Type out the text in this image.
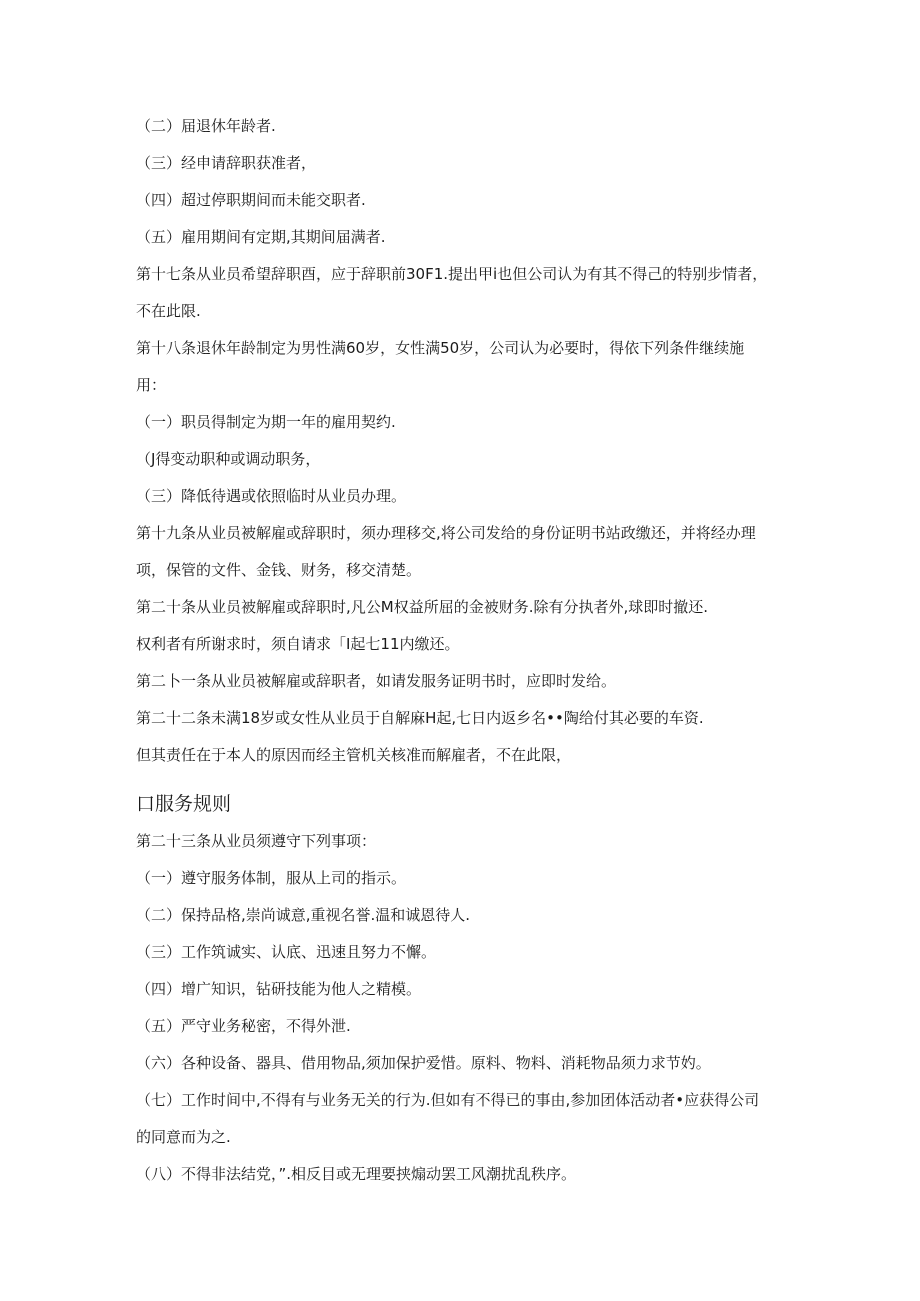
（二）届退休年龄者.
（三）经申请辞职获准者，
（四）超过停职期间而未能交职者.
（五）雇用期间有定期,其期间届满者.
第十七条从业员希望辞职酉，应于辞职前30F1.提出甲i也但公司认为有其不得己的特别步情者，
不在此限.
第十八条退休年龄制定为男性满60岁，女性满50岁，公司认为必要时，得依下列条件继续施
用：
（一）职员得制定为期一年的雇用契约.
（J得变动职种或调动职务，
（三）降低待遇或依照临时从业员办理。
第十九条从业员被解雇或辞职时，须办理移交,将公司发给的身份证明书站政缴还，并将经办理
项，保管的文件、金钱、财务，移交清楚。
第二十条从业员被解雇或辞职时,凡公M权益所屈的金被财务.除有分执者外,球即时撤还.
权利者有所谢求时，须自请求「I起七11内缴还。
第二卜一条从业员被解雇或辞职者，如请发服务证明书时，应即时发给。
第二十二条未满18岁或女性从业员于自解麻H起,七日内返乡名••陶给付其必要的车资.
但其责任在于本人的原因而经主管机关核准而解雇者，不在此限，
口服务规则
第二十三条从业员须遵守下列事项：
（一）遵守服务体制，服从上司的指示。
（二）保持品格,崇尚诚意,重视名誉.温和诚恩待人.
（三）工作筑诚实、认底、迅速且努力不懈。
（四）增广知识，钻研技能为他人之精模。
（五）严守业务秘密，不得外泄.
（六）各种设备、器具、借用物品,须加保护爱惜。原料、物料、消耗物品须力求节妁。
（七）工作时间中,不得有与业务无关的行为.但如有不得已的事由,参加团体活动者•应获得公司
的同意而为之.
（八）不得非法结党，”.相反目或无理要挟煽动罢工风潮扰乱秩序。
